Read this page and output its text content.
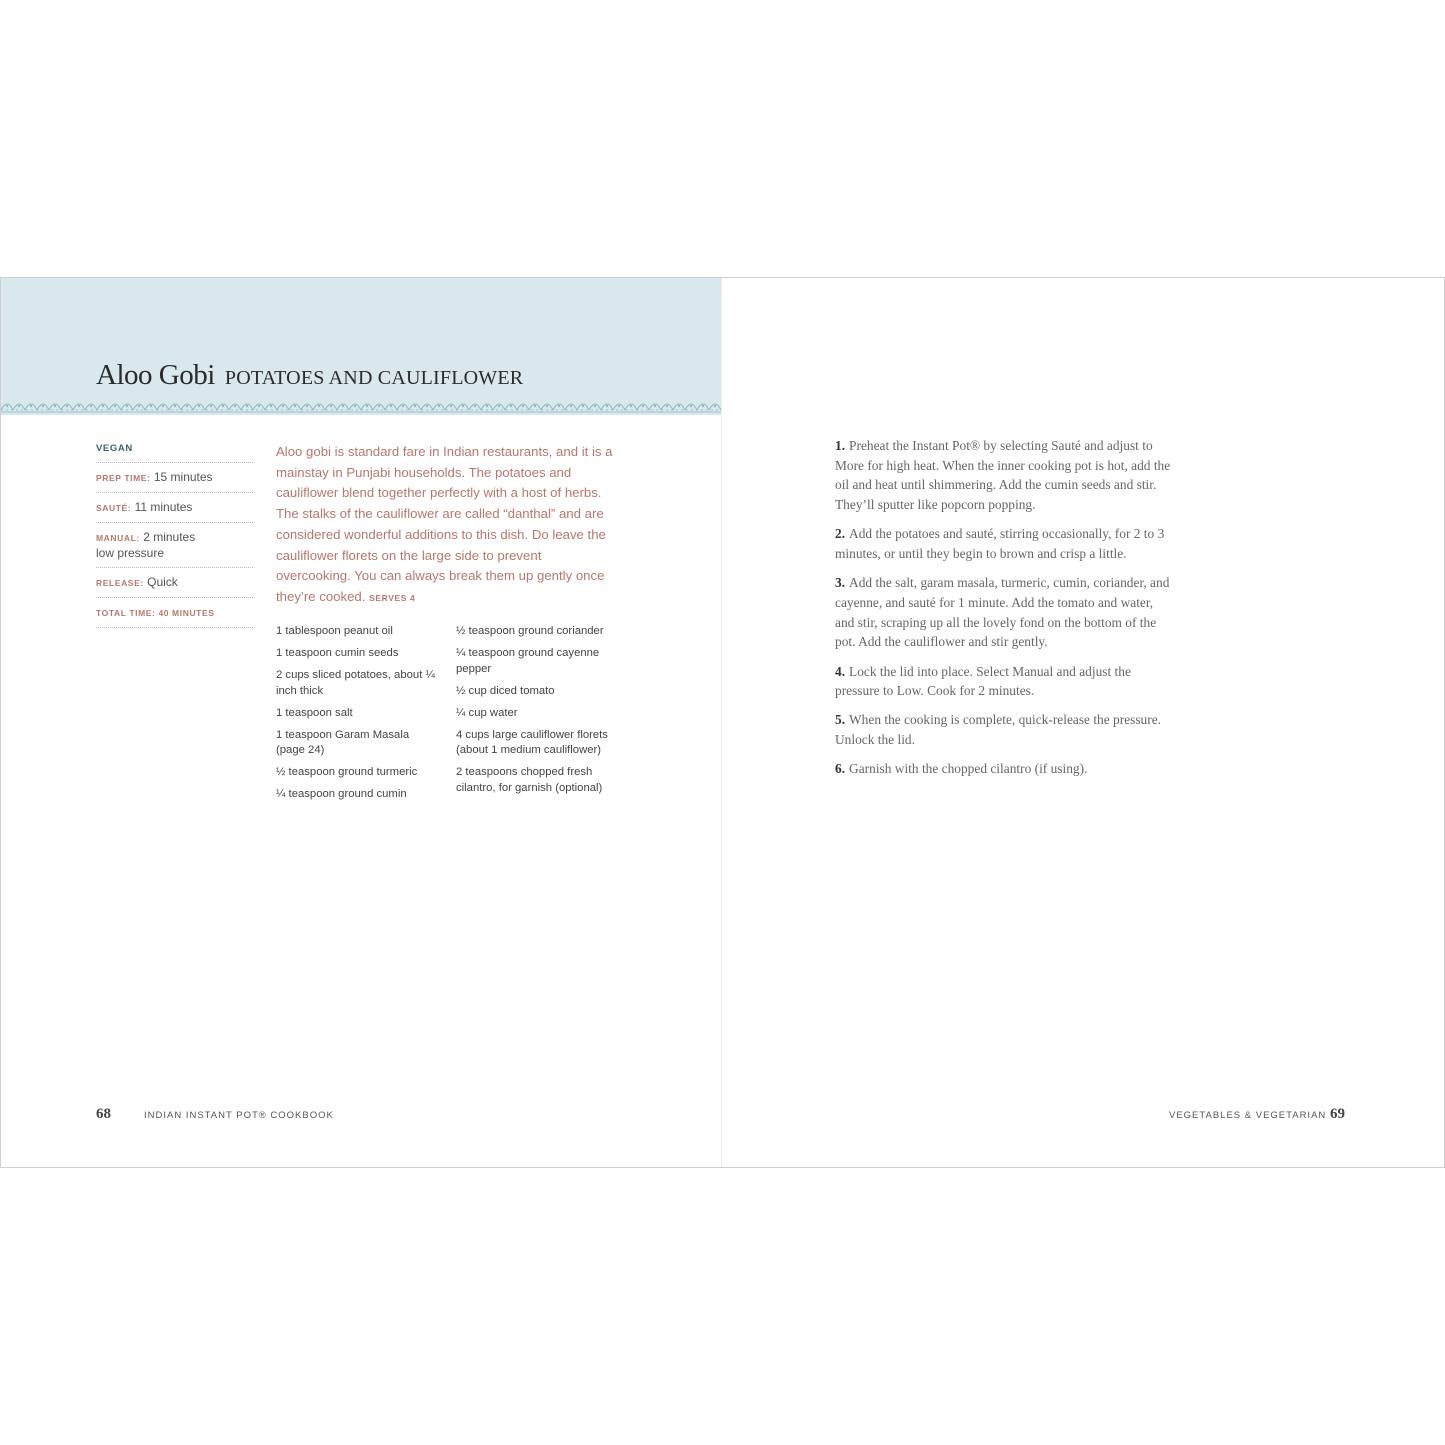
Aloo Gobi POTATOES AND CAULIFLOWER
VEGAN
PREP TIME: 15 minutes
SAUTÉ: 11 minutes
MANUAL: 2 minutes
low pressure
RELEASE: Quick
TOTAL TIME: 40 MINUTES

Aloo gobi is standard fare in Indian restaurants, and it is a mainstay in Punjabi households. The potatoes and cauliflower blend together perfectly with a host of herbs. The stalks of the cauliflower are called “danthal” and are considered wonderful additions to this dish. Do leave the cauliflower florets on the large side to prevent overcooking. You can always break them up gently once they’re cooked. SERVES 4

1 tablespoon peanut oil
1 teaspoon cumin seeds
2 cups sliced potatoes, about ¼ inch thick
1 teaspoon salt
1 teaspoon Garam Masala (page 24)
½ teaspoon ground turmeric
¼ teaspoon ground cumin
½ teaspoon ground coriander
¼ teaspoon ground cayenne pepper
½ cup diced tomato
¼ cup water
4 cups large cauliflower florets (about 1 medium cauliflower)
2 teaspoons chopped fresh cilantro, for garnish (optional)
1. Preheat the Instant Pot® by selecting Sauté and adjust to More for high heat. When the inner cooking pot is hot, add the oil and heat until shimmering. Add the cumin seeds and stir. They’ll sputter like popcorn popping.
2. Add the potatoes and sauté, stirring occasionally, for 2 to 3 minutes, or until they begin to brown and crisp a little.
3. Add the salt, garam masala, turmeric, cumin, coriander, and cayenne, and sauté for 1 minute. Add the tomato and water, and stir, scraping up all the lovely fond on the bottom of the pot. Add the cauliflower and stir gently.
4. Lock the lid into place. Select Manual and adjust the pressure to Low. Cook for 2 minutes.
5. When the cooking is complete, quick-release the pressure. Unlock the lid.
6. Garnish with the chopped cilantro (if using).
68	INDIAN INSTANT POT® COOKBOOK	VEGETABLES & VEGETARIAN 69
